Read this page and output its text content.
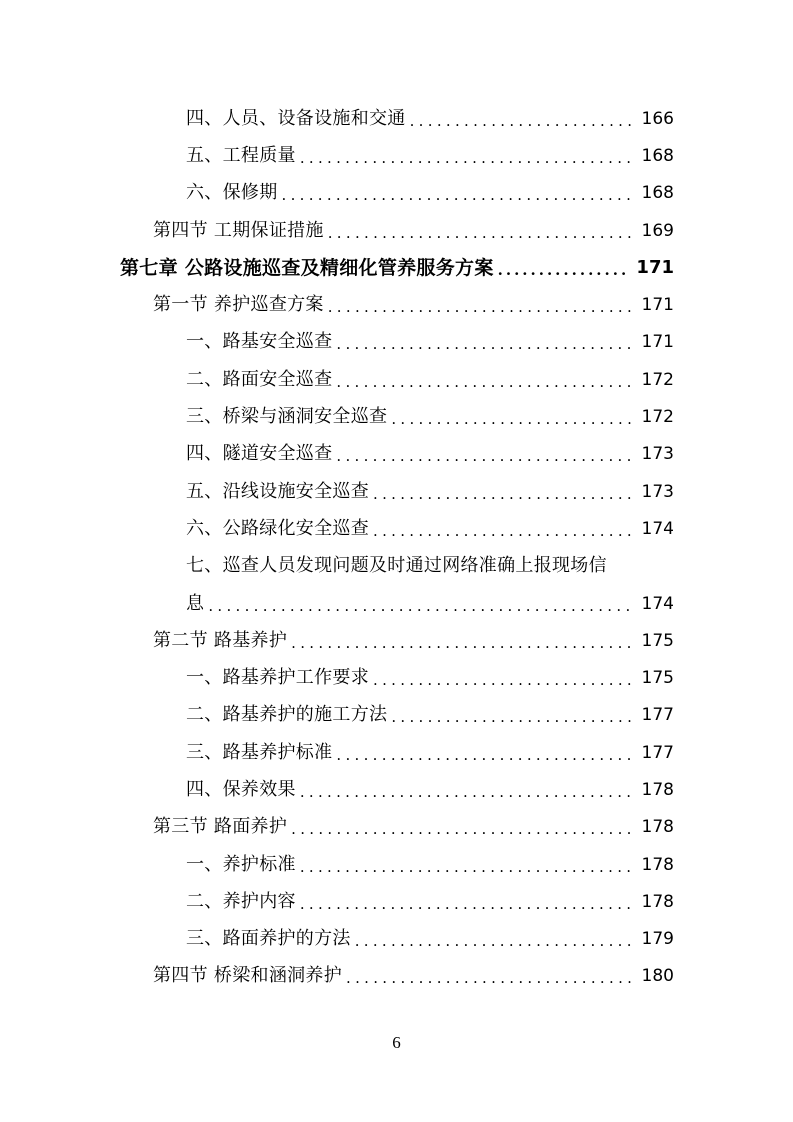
四、人员、设备设施和交通 .....	166
五、工程质量 .....	168
六、保修期 .....	168
第四节 工期保证措施 .....	169
第七章 公路设施巡查及精细化管养服务方案 .....	171
第一节 养护巡查方案 .....	171
一、路基安全巡查 .....	171
二、路面安全巡查 .....	172
三、桥梁与涵洞安全巡查 .....	172
四、隧道安全巡查 .....	173
五、沿线设施安全巡查 .....	173
六、公路绿化安全巡查 .....	174
七、巡查人员发现问题及时通过网络准确上报现场信
息 .....	174
第二节 路基养护 .....	175
一、路基养护工作要求 .....	175
二、路基养护的施工方法 .....	177
三、路基养护标准 .....	177
四、保养效果 .....	178
第三节 路面养护 .....	178
一、养护标准 .....	178
二、养护内容 .....	178
三、路面养护的方法 .....	179
第四节 桥梁和涵洞养护 .....	180
6
